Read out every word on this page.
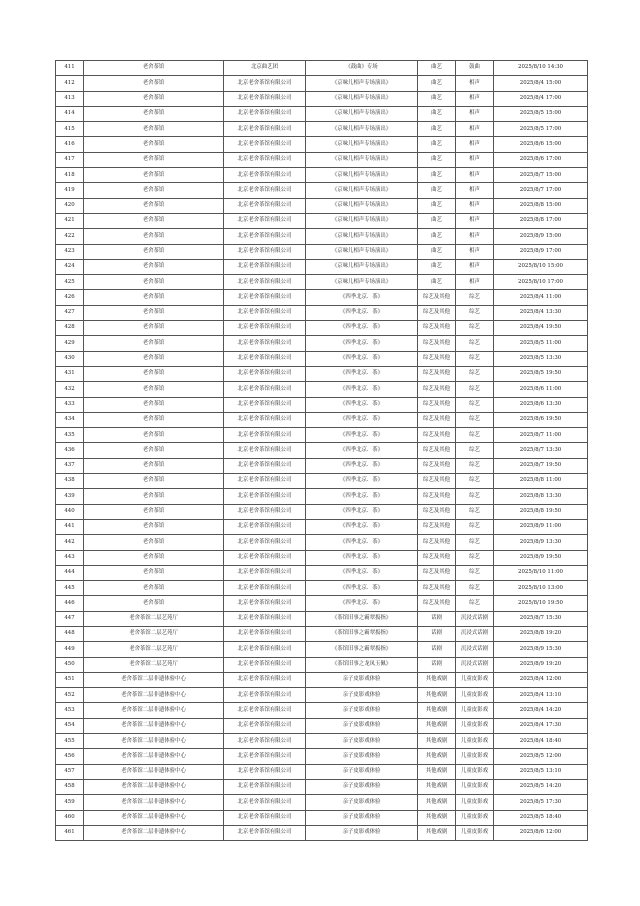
411	老舍茶馆	北京曲艺团	《鼓曲》专场	曲艺	鼓曲	2025/8/10 14:30
412	老舍茶馆	北京老舍茶馆有限公司	《京味儿相声专场演出》	曲艺	相声	2025/8/4 15:00
413	老舍茶馆	北京老舍茶馆有限公司	《京味儿相声专场演出》	曲艺	相声	2025/8/4 17:00
414	老舍茶馆	北京老舍茶馆有限公司	《京味儿相声专场演出》	曲艺	相声	2025/8/5 15:00
415	老舍茶馆	北京老舍茶馆有限公司	《京味儿相声专场演出》	曲艺	相声	2025/8/5 17:00
416	老舍茶馆	北京老舍茶馆有限公司	《京味儿相声专场演出》	曲艺	相声	2025/8/6 15:00
417	老舍茶馆	北京老舍茶馆有限公司	《京味儿相声专场演出》	曲艺	相声	2025/8/6 17:00
418	老舍茶馆	北京老舍茶馆有限公司	《京味儿相声专场演出》	曲艺	相声	2025/8/7 15:00
419	老舍茶馆	北京老舍茶馆有限公司	《京味儿相声专场演出》	曲艺	相声	2025/8/7 17:00
420	老舍茶馆	北京老舍茶馆有限公司	《京味儿相声专场演出》	曲艺	相声	2025/8/8 15:00
421	老舍茶馆	北京老舍茶馆有限公司	《京味儿相声专场演出》	曲艺	相声	2025/8/8 17:00
422	老舍茶馆	北京老舍茶馆有限公司	《京味儿相声专场演出》	曲艺	相声	2025/8/9 15:00
423	老舍茶馆	北京老舍茶馆有限公司	《京味儿相声专场演出》	曲艺	相声	2025/8/9 17:00
424	老舍茶馆	北京老舍茶馆有限公司	《京味儿相声专场演出》	曲艺	相声	2025/8/10 15:00
425	老舍茶馆	北京老舍茶馆有限公司	《京味儿相声专场演出》	曲艺	相声	2025/8/10 17:00
426	老舍茶馆	北京老舍茶馆有限公司	《四季北京．茶》	综艺及其他	综艺	2025/8/4 11:00
427	老舍茶馆	北京老舍茶馆有限公司	《四季北京．茶》	综艺及其他	综艺	2025/8/4 13:30
428	老舍茶馆	北京老舍茶馆有限公司	《四季北京．茶》	综艺及其他	综艺	2025/8/4 19:50
429	老舍茶馆	北京老舍茶馆有限公司	《四季北京．茶》	综艺及其他	综艺	2025/8/5 11:00
430	老舍茶馆	北京老舍茶馆有限公司	《四季北京．茶》	综艺及其他	综艺	2025/8/5 13:30
431	老舍茶馆	北京老舍茶馆有限公司	《四季北京．茶》	综艺及其他	综艺	2025/8/5 19:50
432	老舍茶馆	北京老舍茶馆有限公司	《四季北京．茶》	综艺及其他	综艺	2025/8/6 11:00
433	老舍茶馆	北京老舍茶馆有限公司	《四季北京．茶》	综艺及其他	综艺	2025/8/6 13:30
434	老舍茶馆	北京老舍茶馆有限公司	《四季北京．茶》	综艺及其他	综艺	2025/8/6 19:50
435	老舍茶馆	北京老舍茶馆有限公司	《四季北京．茶》	综艺及其他	综艺	2025/8/7 11:00
436	老舍茶馆	北京老舍茶馆有限公司	《四季北京．茶》	综艺及其他	综艺	2025/8/7 13:30
437	老舍茶馆	北京老舍茶馆有限公司	《四季北京．茶》	综艺及其他	综艺	2025/8/7 19:50
438	老舍茶馆	北京老舍茶馆有限公司	《四季北京．茶》	综艺及其他	综艺	2025/8/8 11:00
439	老舍茶馆	北京老舍茶馆有限公司	《四季北京．茶》	综艺及其他	综艺	2025/8/8 13:30
440	老舍茶馆	北京老舍茶馆有限公司	《四季北京．茶》	综艺及其他	综艺	2025/8/8 19:50
441	老舍茶馆	北京老舍茶馆有限公司	《四季北京．茶》	综艺及其他	综艺	2025/8/9 11:00
442	老舍茶馆	北京老舍茶馆有限公司	《四季北京．茶》	综艺及其他	综艺	2025/8/9 13:30
443	老舍茶馆	北京老舍茶馆有限公司	《四季北京．茶》	综艺及其他	综艺	2025/8/9 19:50
444	老舍茶馆	北京老舍茶馆有限公司	《四季北京．茶》	综艺及其他	综艺	2025/8/10 11:00
445	老舍茶馆	北京老舍茶馆有限公司	《四季北京．茶》	综艺及其他	综艺	2025/8/10 13:00
446	老舍茶馆	北京老舍茶馆有限公司	《四季北京．茶》	综艺及其他	综艺	2025/8/10 19:50
447	老舍茶馆二层艺苑厅	北京老舍茶馆有限公司	《茶馆旧事之霸翠扳指》	话剧	沉浸式话剧	2025/8/7 15:30
448	老舍茶馆二层艺苑厅	北京老舍茶馆有限公司	《茶馆旧事之霸翠扳指》	话剧	沉浸式话剧	2025/8/8 19:20
449	老舍茶馆二层艺苑厅	北京老舍茶馆有限公司	《茶馆旧事之霸翠扳指》	话剧	沉浸式话剧	2025/8/9 15:30
450	老舍茶馆二层艺苑厅	北京老舍茶馆有限公司	《茶馆旧事之龙凤玉佩》	话剧	沉浸式话剧	2025/8/9 19:20
451	老舍茶馆二层非遗体验中心	北京老舍茶馆有限公司	亲子皮影戏体验	其他戏剧	儿童皮影戏	2025/8/4 12:00
452	老舍茶馆二层非遗体验中心	北京老舍茶馆有限公司	亲子皮影戏体验	其他戏剧	儿童皮影戏	2025/8/4 13:10
453	老舍茶馆二层非遗体验中心	北京老舍茶馆有限公司	亲子皮影戏体验	其他戏剧	儿童皮影戏	2025/8/4 14:20
454	老舍茶馆二层非遗体验中心	北京老舍茶馆有限公司	亲子皮影戏体验	其他戏剧	儿童皮影戏	2025/8/4 17:30
455	老舍茶馆二层非遗体验中心	北京老舍茶馆有限公司	亲子皮影戏体验	其他戏剧	儿童皮影戏	2025/8/4 18:40
456	老舍茶馆二层非遗体验中心	北京老舍茶馆有限公司	亲子皮影戏体验	其他戏剧	儿童皮影戏	2025/8/5 12:00
457	老舍茶馆二层非遗体验中心	北京老舍茶馆有限公司	亲子皮影戏体验	其他戏剧	儿童皮影戏	2025/8/5 13:10
458	老舍茶馆二层非遗体验中心	北京老舍茶馆有限公司	亲子皮影戏体验	其他戏剧	儿童皮影戏	2025/8/5 14:20
459	老舍茶馆二层非遗体验中心	北京老舍茶馆有限公司	亲子皮影戏体验	其他戏剧	儿童皮影戏	2025/8/5 17:30
460	老舍茶馆二层非遗体验中心	北京老舍茶馆有限公司	亲子皮影戏体验	其他戏剧	儿童皮影戏	2025/8/5 18:40
461	老舍茶馆二层非遗体验中心	北京老舍茶馆有限公司	亲子皮影戏体验	其他戏剧	儿童皮影戏	2025/8/6 12:00
